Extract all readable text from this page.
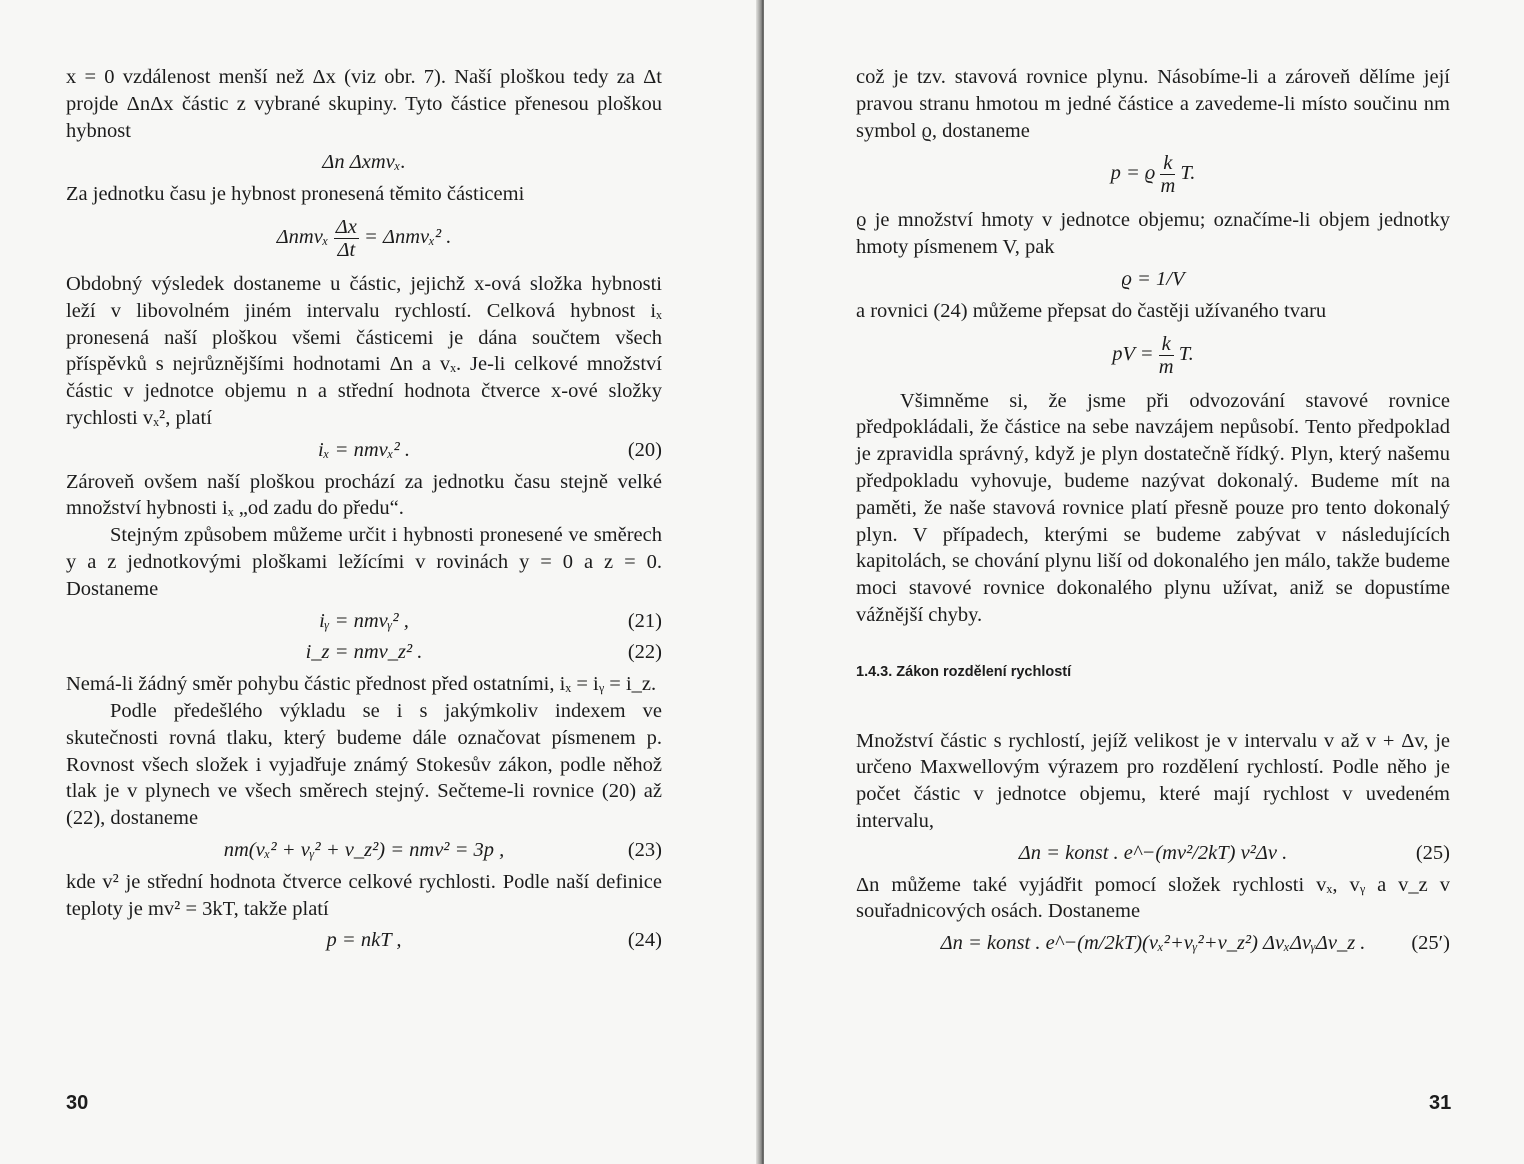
x = 0 vzdálenost menší než Δx (viz obr. 7). Naší ploškou tedy za Δt projde ΔnΔx částic z vybrané skupiny. Tyto částice přenesou ploškou hybnost

Δn Δxmvₓ.

Za jednotku času je hybnost pronesená těmito částicemi

Δnmvₓ $\frac{\Delta x}{\Delta t} = \Delta nmv_x^2$ .

Obdobný výsledek dostaneme u částic, jejichž x-ová složka hybnosti leží v libovolném jiném intervalu rychlostí. Celková hybnost iₓ pronesená naší ploškou všemi částicemi je dána součtem všech příspěvků s nejrůznějšími hodnotami Δn a vₓ. Je-li celkové množství částic v jednotce objemu n a střední hodnota čtverce x-ové složky rychlosti vₓ², platí

iₓ = nmvₓ² .	(20)

Zároveň ovšem naší ploškou prochází za jednotku času stejně velké množství hybnosti iₓ „od zadu do předu“.

Stejným způsobem můžeme určit i hybnosti pronesené ve směrech y a z jednotkovými ploškami ležícími v rovinách y = 0 a z = 0. Dostaneme

iᵧ = nmvᵧ² ,	(21)
i_z = nmv_z² .	(22)

Nemá-li žádný směr pohybu částic přednost před ostatními, iₓ = iᵧ = i_z.

Podle předešlého výkladu se i s jakýmkoliv indexem ve skutečnosti rovná tlaku, který budeme dále označovat písmenem p. Rovnost všech složek i vyjadřuje známý Stokesův zákon, podle něhož tlak je v plynech ve všech směrech stejný. Sečteme-li rovnice (20) až (22), dostaneme

nm(vₓ² + vᵧ² + v_z²) = nmv² = 3p ,	(23)

kde v² je střední hodnota čtverce celkové rychlosti. Podle naší definice teploty je mv² = 3kT, takže platí

p = nkT ,	(24)
30

což je tzv. stavová rovnice plynu. Násobíme-li a zároveň dělíme její pravou stranu hmotou m jedné částice a zavedeme-li místo součinu nm symbol ϱ, dostaneme

p = ϱ $\frac{k}{m} T$.

ϱ je množství hmoty v jednotce objemu; označíme-li objem jednotky hmoty písmenem V, pak

ϱ = 1/V

a rovnici (24) můžeme přepsat do častěji užívaného tvaru

pV = $\frac{k}{m} T$.

Všimněme si, že jsme při odvozování stavové rovnice předpokládali, že částice na sebe navzájem nepůsobí. Tento předpoklad je zpravidla správný, když je plyn dostatečně řídký. Plyn, který našemu předpokladu vyhovuje, budeme nazývat dokonalý. Budeme mít na paměti, že naše stavová rovnice platí přesně pouze pro tento dokonalý plyn. V případech, kterými se budeme zabývat v následujících kapitolách, se chování plynu liší od dokonalého jen málo, takže budeme moci stavové rovnice dokonalého plynu užívat, aniž se dopustíme vážnější chyby.

1.4.3. Zákon rozdělení rychlostí

Množství částic s rychlostí, jejíž velikost je v intervalu v až v + Δv, je určeno Maxwellovým výrazem pro rozdělení rychlostí. Podle něho je počet částic v jednotce objemu, které mají rychlost v uvedeném intervalu,

Δn = konst . e^−(mv²/2kT) v²Δv .	(25)

Δn můžeme také vyjádřit pomocí složek rychlosti vₓ, vᵧ a v_z v souřadnicových osách. Dostaneme

Δn = konst . e^−(m/2kT)(vₓ²+vᵧ²+v_z²) ΔvₓΔvᵧΔv_z . (25′)
31
